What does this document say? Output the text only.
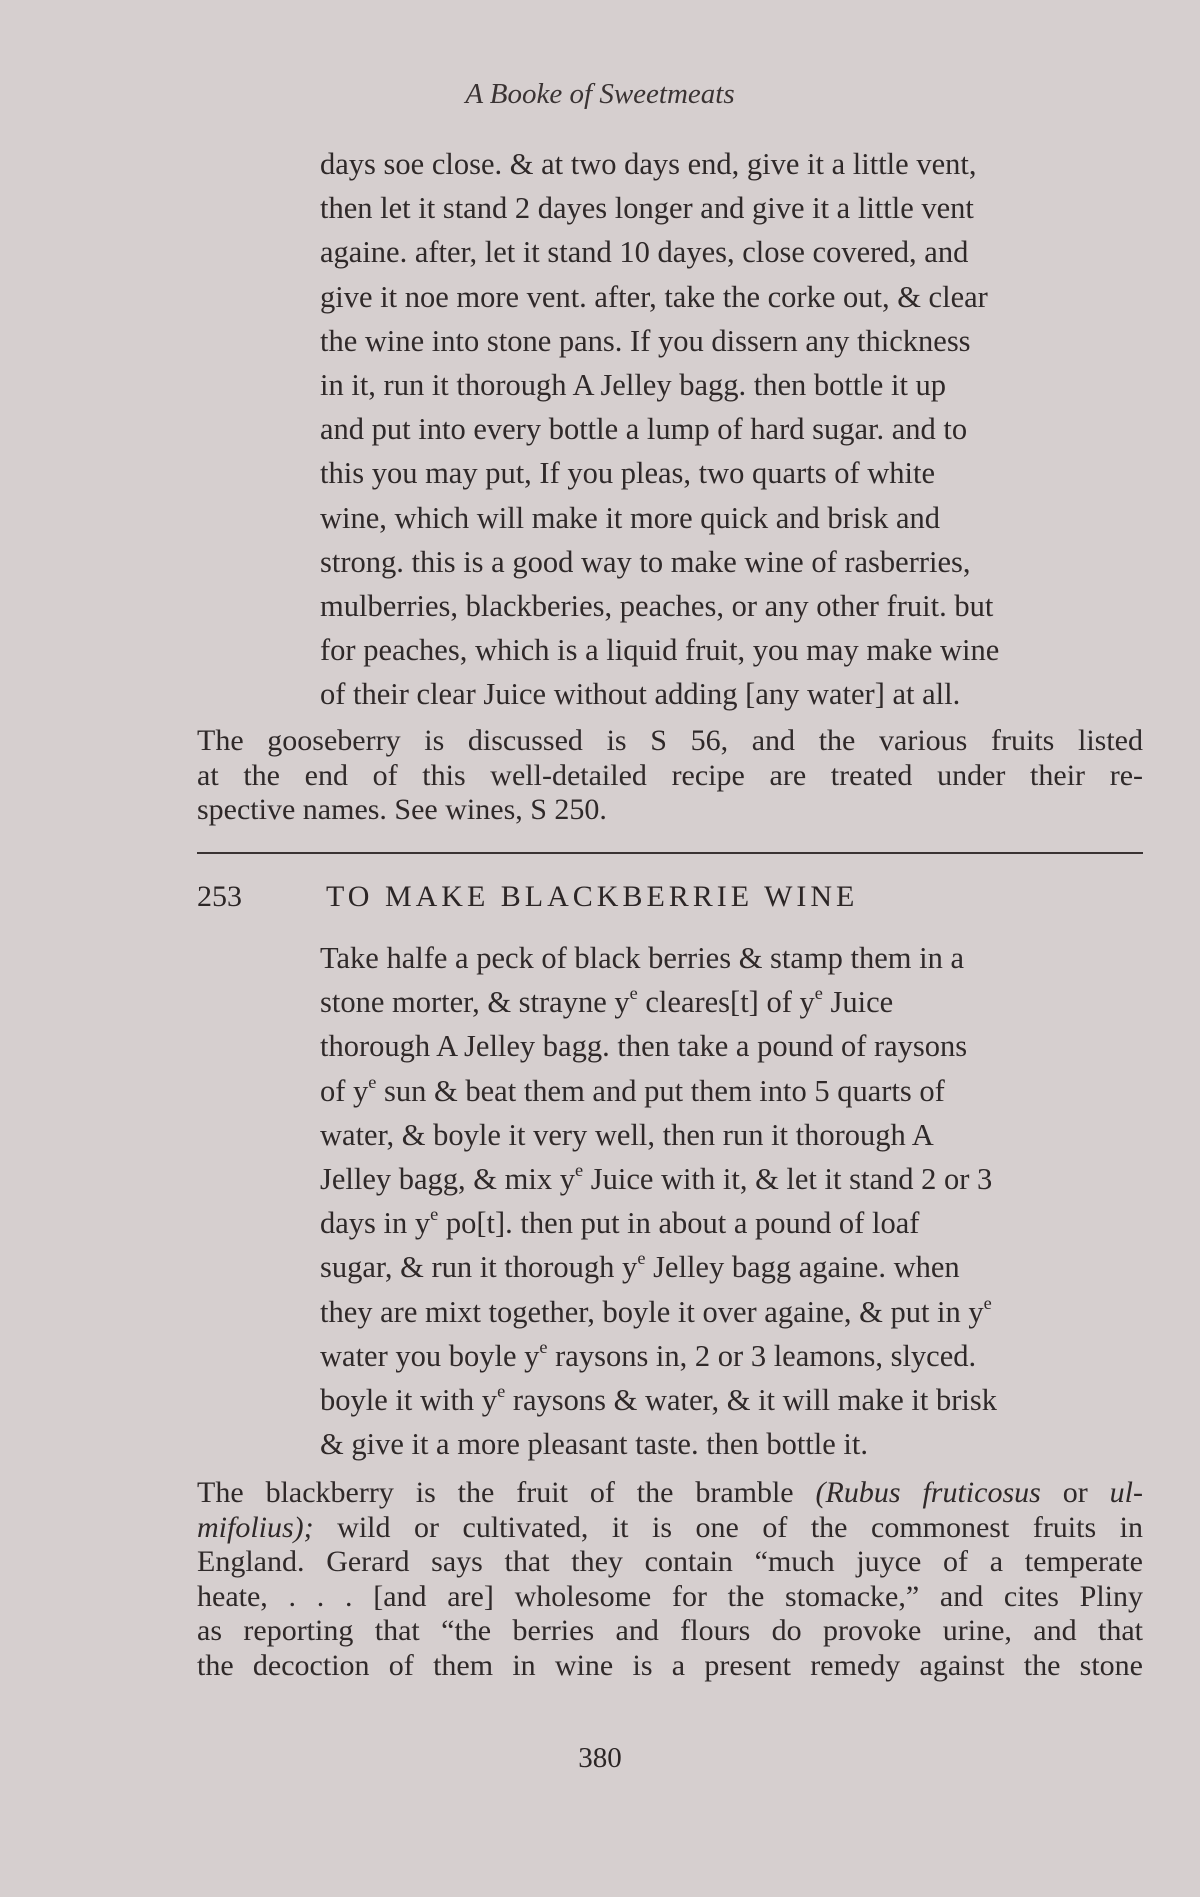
A Booke of Sweetmeats
days soe close. & at two days end, give it a little vent,
then let it stand 2 dayes longer and give it a little vent
againe. after, let it stand 10 dayes, close covered, and
give it noe more vent. after, take the corke out, & clear
the wine into stone pans. If you dissern any thickness
in it, run it thorough A Jelley bagg. then bottle it up
and put into every bottle a lump of hard sugar. and to
this you may put, If you pleas, two quarts of white
wine, which will make it more quick and brisk and
strong. this is a good way to make wine of rasberries,
mulberries, blackberies, peaches, or any other fruit. but
for peaches, which is a liquid fruit, you may make wine
of their clear Juice without adding [any water] at all.
The gooseberry is discussed is S 56, and the various fruits listed
at the end of this well-detailed recipe are treated under their re-
spective names. See wines, S 250.
253	TO MAKE BLACKBERRIE WINE
Take halfe a peck of black berries & stamp them in a
stone morter, & strayne $y^e$ cleares[t] of $y^e$ Juice
thorough A Jelley bagg. then take a pound of raysons
of $y^e$ sun & beat them and put them into 5 quarts of
water, & boyle it very well, then run it thorough A
Jelley bagg, & mix $y^e$ Juice with it, & let it stand 2 or 3
days in $y^e$ po[t]. then put in about a pound of loaf
sugar, & run it thorough $y^e$ Jelley bagg againe. when
they are mixt together, boyle it over againe, & put in $y^e$
water you boyle $y^e$ raysons in, 2 or 3 leamons, slyced.
boyle it with $y^e$ raysons & water, & it will make it brisk
& give it a more pleasant taste. then bottle it.
The blackberry is the fruit of the bramble (Rubus fruticosus or ul-
mifolius); wild or cultivated, it is one of the commonest fruits in
England. Gerard says that they contain “much juyce of a temperate
heate, . . . [and are] wholesome for the stomacke,” and cites Pliny
as reporting that “the berries and flours do provoke urine, and that
the decoction of them in wine is a present remedy against the stone
380
